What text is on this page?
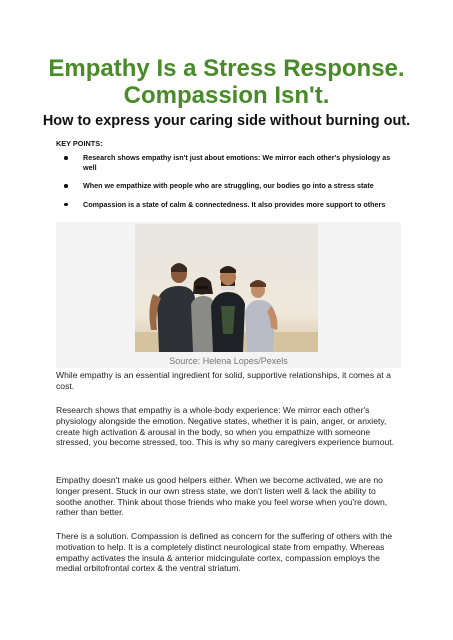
Empathy Is a Stress Response.
Compassion Isn't.
How to express your caring side without burning out.
KEY POINTS:
Research shows empathy isn't just about emotions: We mirror each other's physiology as well
When we empathize with people who are struggling, our bodies go into a stress state
Compassion is a state of calm & connectedness. It also provides more support to others
Source: Helena Lopes/Pexels

While empathy is an essential ingredient for solid, supportive relationships, it comes at a cost.

Research shows that empathy is a whole-body experience: We mirror each other's physiology alongside the emotion. Negative states, whether it is pain, anger, or anxiety, create high activation & arousal in the body, so when you empathize with someone stressed, you become stressed, too. This is why so many caregivers experience burnout.

Empathy doesn't make us good helpers either. When we become activated, we are no longer present. Stuck in our own stress state, we don't listen well & lack the ability to soothe another. Think about those friends who make you feel worse when you're down, rather than better.

There is a solution. Compassion is defined as concern for the suffering of others with the motivation to help. It is a completely distinct neurological state from empathy. Whereas empathy activates the insula & anterior midcingulate cortex, compassion employs the medial orbitofrontal cortex & the ventral striatum.
